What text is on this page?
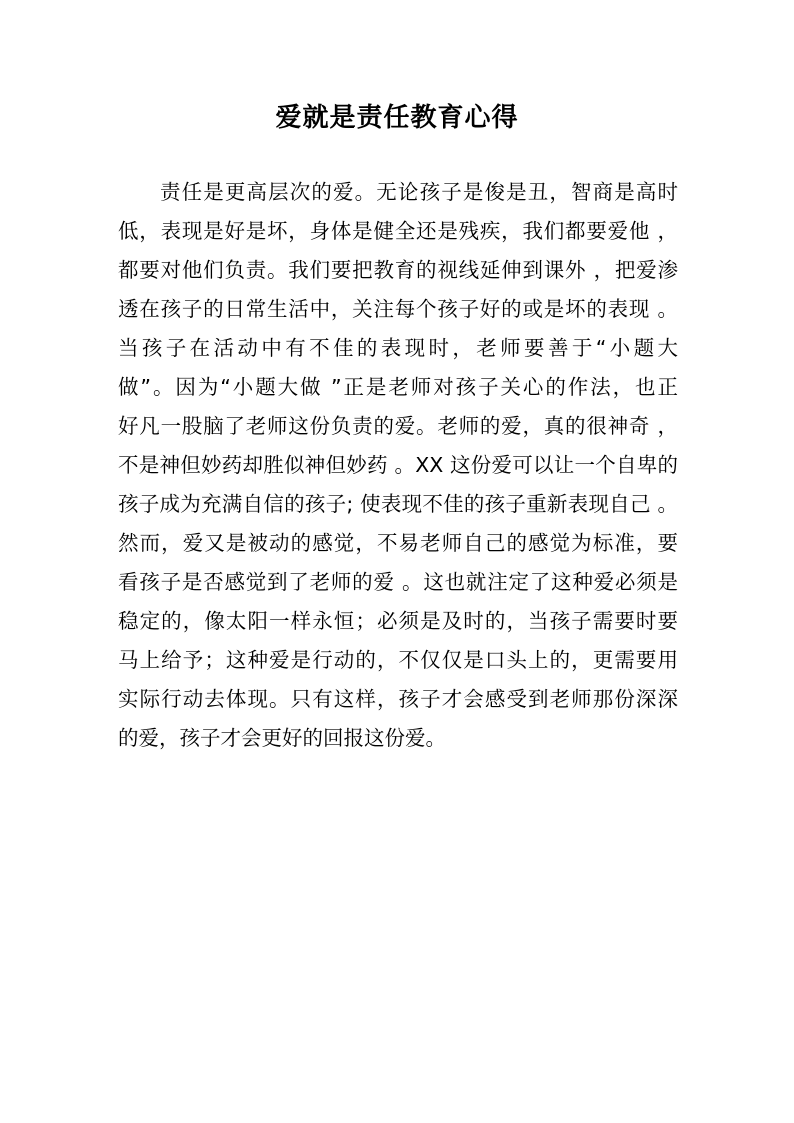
爱就是责任教育心得
责任是更高层次的爱。无论孩子是俊是丑，智商是高时
低，表现是好是坏，身体是健全还是残疾，我们都要爱他 ，
都要对他们负责。我们要把教育的视线延伸到课外 ，把爱渗
透在孩子的日常生活中，关注每个孩子好的或是坏的表现 。
当孩子在活动中有不佳的表现时，老师要善于“小题大
做”。因为“小题大做 ”正是老师对孩子关心的作法，也正
好凡一股脑了老师这份负责的爱。老师的爱，真的很神奇 ，
不是神但妙药却胜似神但妙药 。XX 这份爱可以让一个自卑的
孩子成为充满自信的孩子; 使表现不佳的孩子重新表现自己 。
然而，爱又是被动的感觉，不易老师自己的感觉为标准，要
看孩子是否感觉到了老师的爱 。这也就注定了这种爱必须是
稳定的，像太阳一样永恒；必须是及时的，当孩子需要时要
马上给予；这种爱是行动的，不仅仅是口头上的，更需要用
实际行动去体现。只有这样，孩子才会感受到老师那份深深
的爱，孩子才会更好的回报这份爱。
